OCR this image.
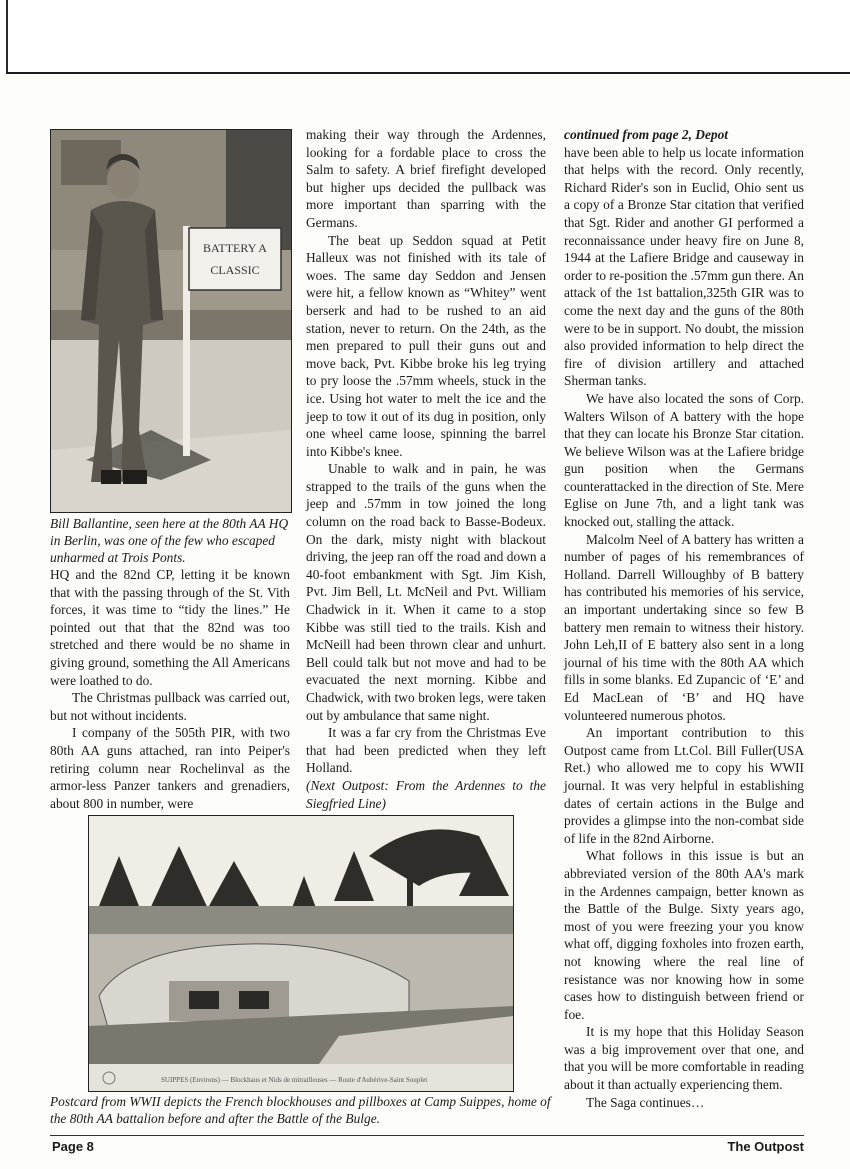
BATTERY A
CLASSIC
Bill Ballantine, seen here at the 80th AA HQ in Berlin, was one of the few who escaped unharmed at Trois Ponts.

HQ and the 82nd CP, letting it be known that with the passing through of the St. Vith forces, it was time to “tidy the lines.” He pointed out that that the 82nd was too stretched and there would be no shame in giving ground, something the All Americans were loathed to do.

The Christmas pullback was carried out, but not without incidents.

I company of the 505th PIR, with two 80th AA guns attached, ran into Peiper's retiring column near Rochelinval as the armor-less Panzer tankers and grenadiers, about 800 in number, were

making their way through the Ardennes, looking for a fordable place to cross the Salm to safety. A brief firefight developed but higher ups decided the pullback was more important than sparring with the Germans.

The beat up Seddon squad at Petit Halleux was not finished with its tale of woes. The same day Seddon and Jensen were hit, a fellow known as “Whitey” went berserk and had to be rushed to an aid station, never to return. On the 24th, as the men prepared to pull their guns out and move back, Pvt. Kibbe broke his leg trying to pry loose the .57mm wheels, stuck in the ice. Using hot water to melt the ice and the jeep to tow it out of its dug in position, only one wheel came loose, spinning the barrel into Kibbe's knee.

Unable to walk and in pain, he was strapped to the trails of the guns when the jeep and .57mm in tow joined the long column on the road back to Basse-Bodeux. On the dark, misty night with blackout driving, the jeep ran off the road and down a 40-foot embankment with Sgt. Jim Kish, Pvt. Jim Bell, Lt. McNeil and Pvt. William Chadwick in it. When it came to a stop Kibbe was still tied to the trails. Kish and McNeill had been thrown clear and unhurt. Bell could talk but not move and had to be evacuated the next morning. Kibbe and Chadwick, with two broken legs, were taken out by ambulance that same night.

It was a far cry from the Christmas Eve that had been predicted when they left Holland.

(Next Outpost: From the Ardennes to the Siegfried Line)

continued from page 2, Depot

have been able to help us locate information that helps with the record. Only recently, Richard Rider's son in Euclid, Ohio sent us a copy of a Bronze Star citation that verified that Sgt. Rider and another GI performed a reconnaissance under heavy fire on June 8, 1944 at the Lafiere Bridge and causeway in order to re-position the .57mm gun there. An attack of the 1st battalion,325th GIR was to come the next day and the guns of the 80th were to be in support. No doubt, the mission also provided information to help direct the fire of division artillery and attached Sherman tanks.

We have also located the sons of Corp. Walters Wilson of A battery with the hope that they can locate his Bronze Star citation. We believe Wilson was at the Lafiere bridge gun position when the Germans counterattacked in the direction of Ste. Mere Eglise on June 7th, and a light tank was knocked out, stalling the attack.

Malcolm Neel of A battery has written a number of pages of his remembrances of Holland. Darrell Willoughby of B battery has contributed his memories of his service, an important undertaking since so few B battery men remain to witness their history. John Leh,II of E battery also sent in a long journal of his time with the 80th AA which fills in some blanks. Ed Zupancic of ‘E’ and Ed MacLean of ‘B’ and HQ have volunteered numerous photos.

An important contribution to this Outpost came from Lt.Col. Bill Fuller(USA Ret.) who allowed me to copy his WWII journal. It was very helpful in establishing dates of certain actions in the Bulge and provides a glimpse into the non-combat side of life in the 82nd Airborne.

What follows in this issue is but an abbreviated version of the 80th AA's mark in the Ardennes campaign, better known as the Battle of the Bulge. Sixty years ago, most of you were freezing your you know what off, digging foxholes into frozen earth, not knowing where the real line of resistance was nor knowing how in some cases how to distinguish between friend or foe.

It is my hope that this Holiday Season was a big improvement over that one, and that you will be more comfortable in reading about it than actually experiencing them.

The Saga continues…

SUIPPES (Environs) — Blockhaus et Nids de mitrailleuses — Route d'Aubérive-Saint Souplet
Postcard from WWII depicts the French blockhouses and pillboxes at Camp Suippes, home of the 80th AA battalion before and after the Battle of the Bulge.
Page 8	The Outpost
